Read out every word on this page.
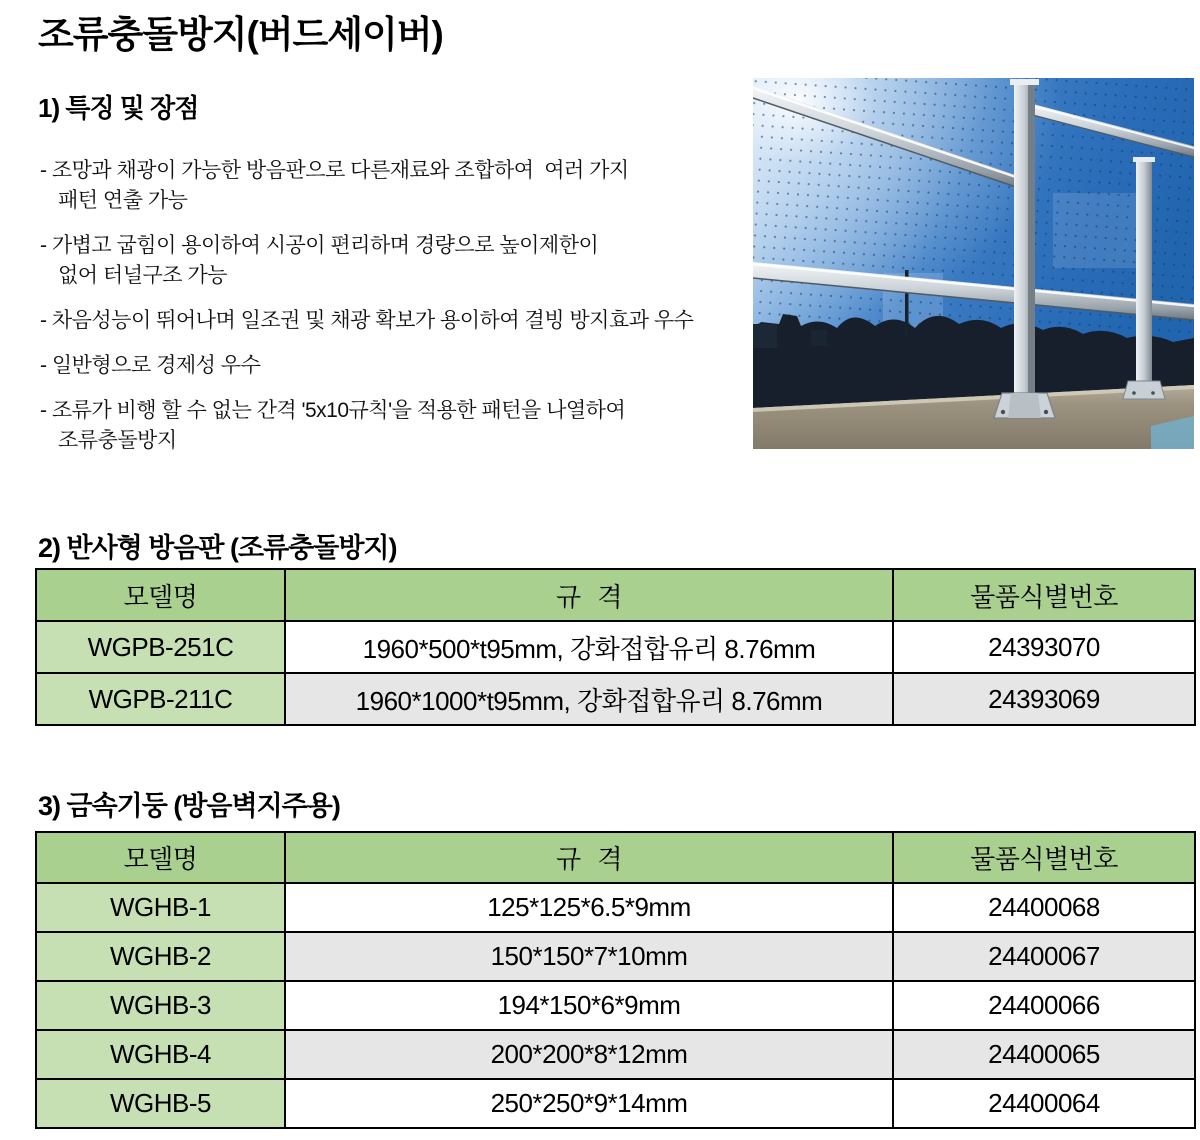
조류충돌방지(버드세이버)
1) 특징 및 장점
- 조망과 채광이 가능한 방음판으로 다른재료와 조합하여  여러 가지
패턴 연출 가능
- 가볍고 굽힘이 용이하여 시공이 편리하며 경량으로 높이제한이
없어 터널구조 가능
- 차음성능이 뛰어나며 일조권 및 채광 확보가 용이하여 결빙 방지효과 우수
- 일반형으로 경제성 우수
- 조류가 비행 할 수 없는 간격 '5x10규칙'을 적용한 패턴을 나열하여
조류충돌방지
2) 반사형 방음판 (조류충돌방지)
모델명	규 격	물품식별번호
WGPB-251C	1960*500*t95mm, 강화접합유리 8.76mm	24393070
WGPB-211C	1960*1000*t95mm, 강화접합유리 8.76mm	24393069
3) 금속기둥 (방음벽지주용)
모델명	규 격	물품식별번호
WGHB-1	125*125*6.5*9mm	24400068
WGHB-2	150*150*7*10mm	24400067
WGHB-3	194*150*6*9mm	24400066
WGHB-4	200*200*8*12mm	24400065
WGHB-5	250*250*9*14mm	24400064
